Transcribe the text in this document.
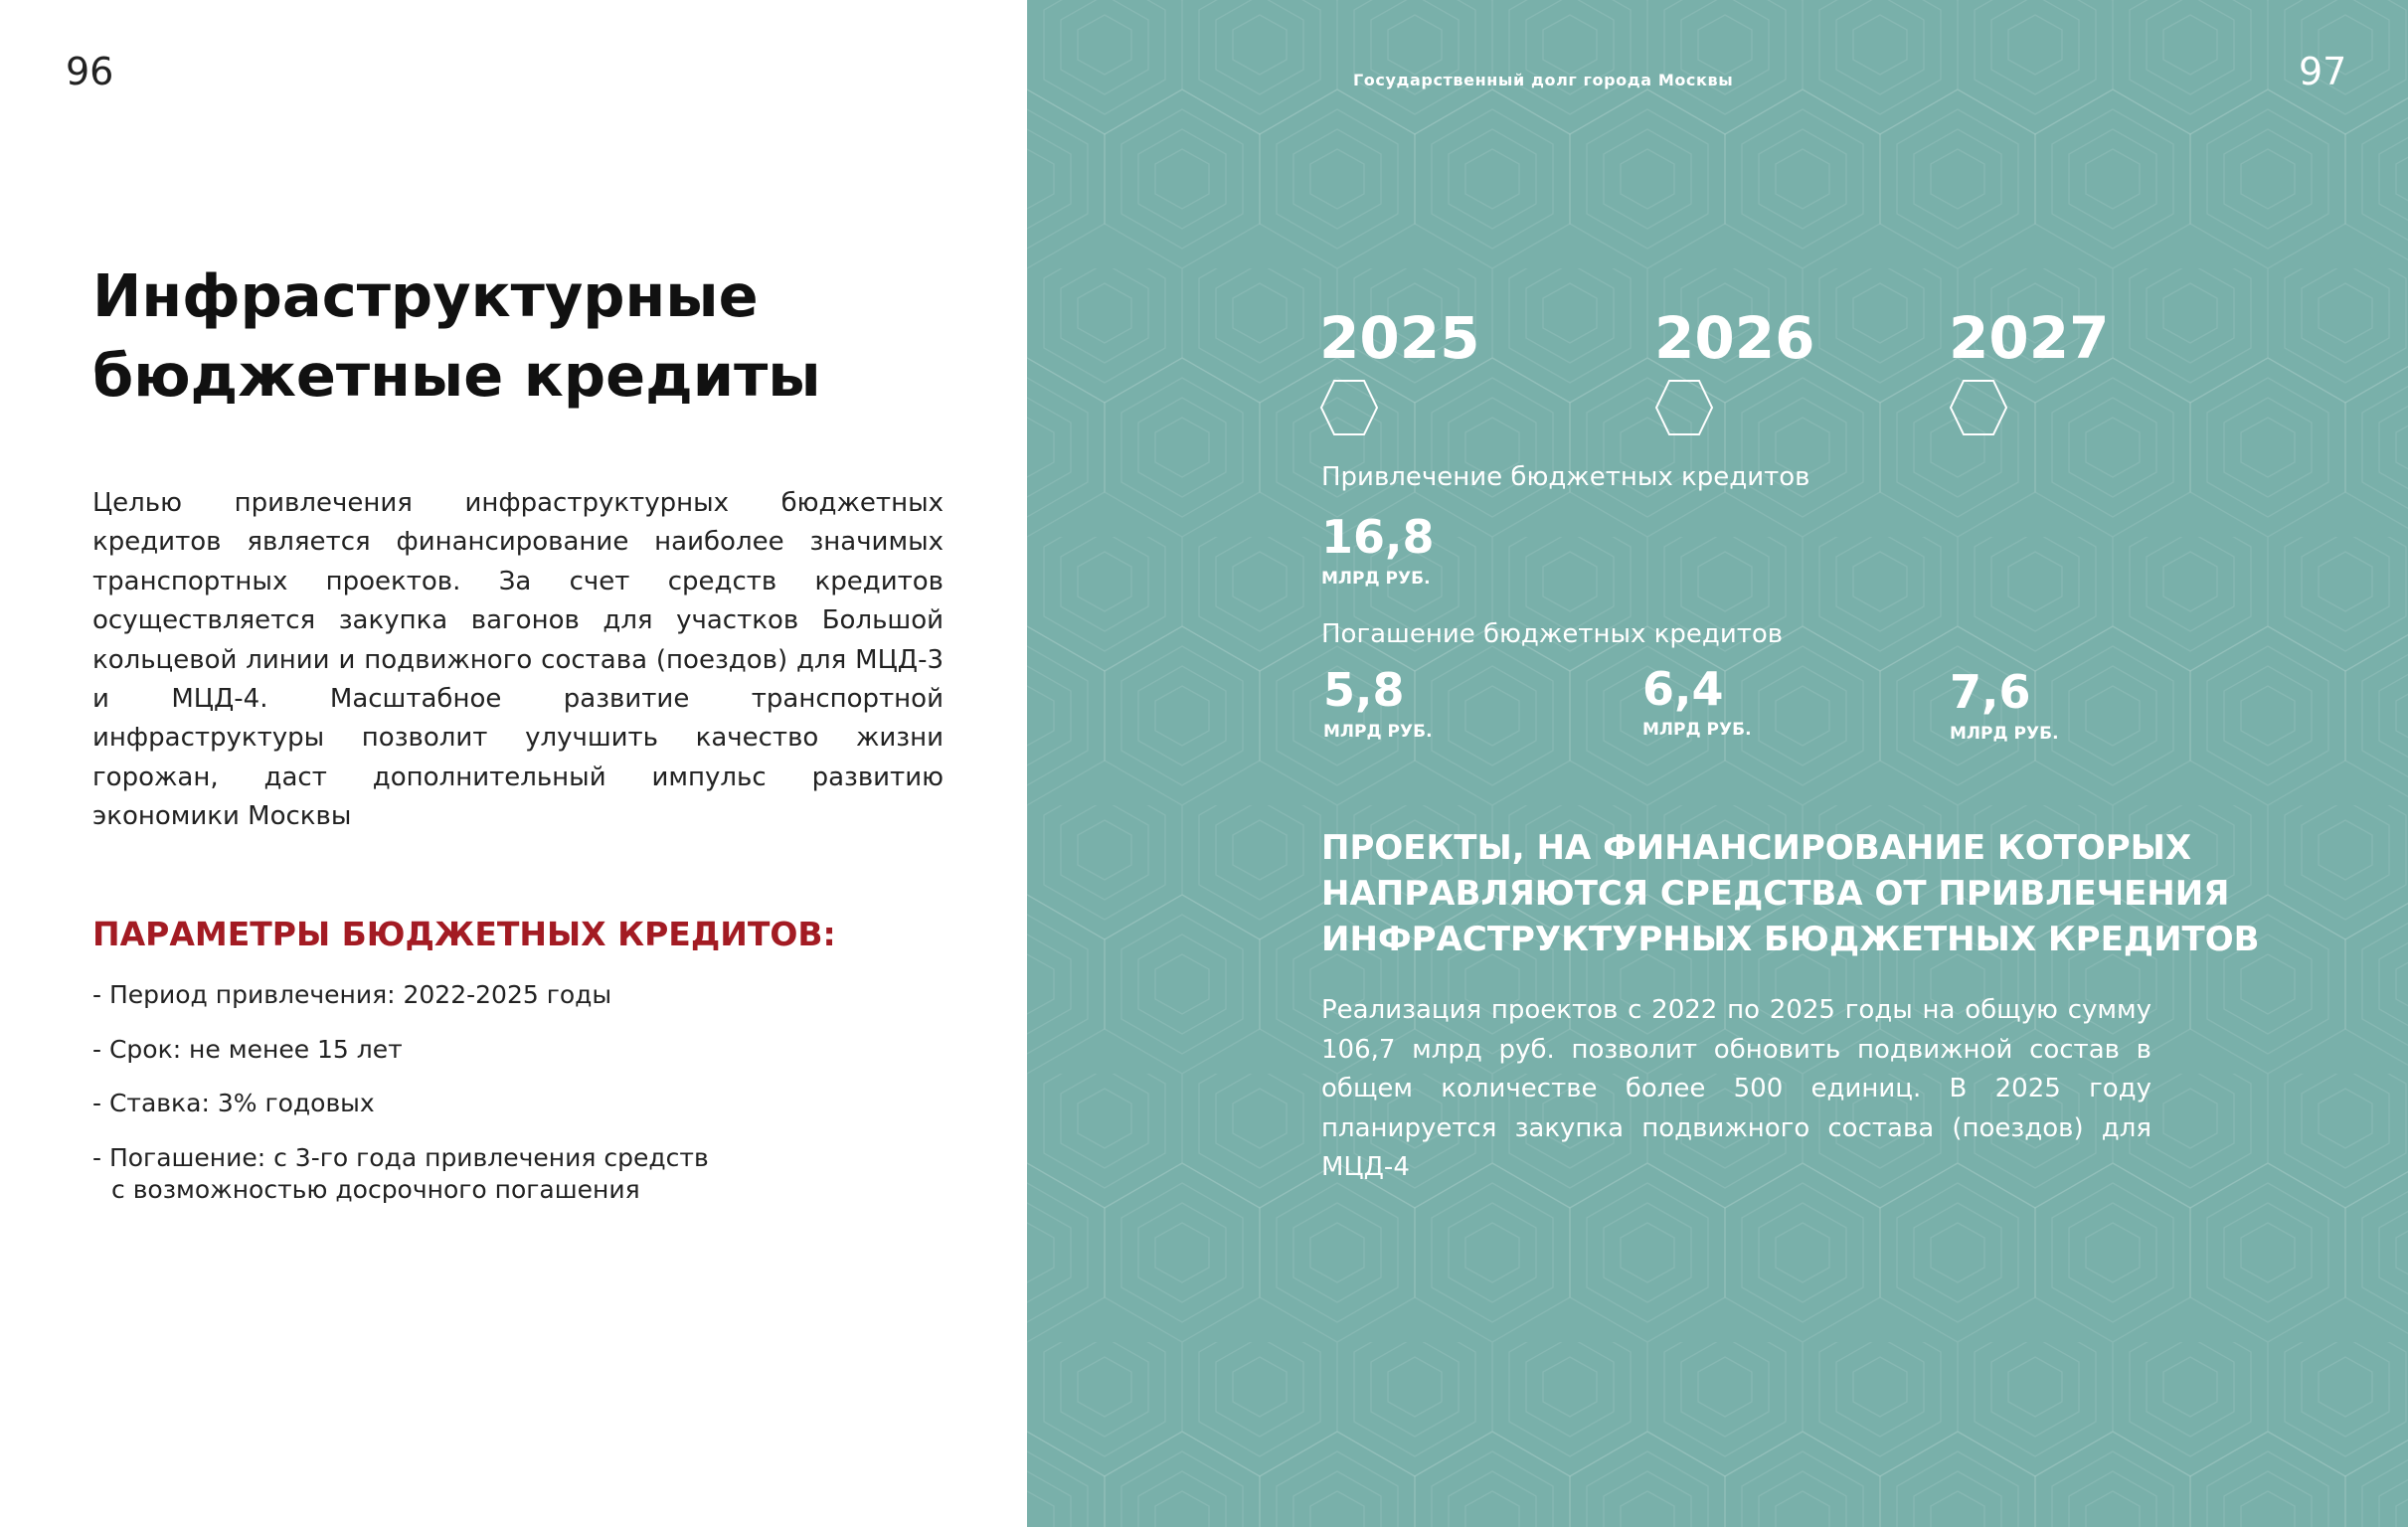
96	97
Государственный долг города Москвы
Инфраструктурные
бюджетные кредиты

Целью привлечения инфраструктурных бюджетных кредитов является финансирование наиболее значимых транспортных проектов. За счет средств кредитов осуществляется закупка вагонов для участков Большой кольцевой линии и подвижного состава (поездов) для МЦД-3 и МЦД-4. Масштабное развитие транспортной инфраструктуры позволит улучшить качество жизни горожан, даст дополнительный импульс развитию экономики Москвы

ПАРАМЕТРЫ БЮДЖЕТНЫХ КРЕДИТОВ:
- Период привлечения: 2022-2025 годы
- Срок: не менее 15 лет
- Ставка: 3% годовых
- Погашение: с 3-го года привлечения средств
с возможностью досрочного погашения
2025	2026 2027
Привлечение бюджетных кредитов
16,8
МЛРД РУБ.
Погашение бюджетных кредитов
5,8
МЛРД РУБ.
6,4
МЛРД РУБ.
7,6
МЛРД РУБ.
ПРОЕКТЫ, НА ФИНАНСИРОВАНИЕ КОТОРЫХ
НАПРАВЛЯЮТСЯ СРЕДСТВА ОТ ПРИВЛЕЧЕНИЯ
ИНФРАСТРУКТУРНЫХ БЮДЖЕТНЫХ КРЕДИТОВ

Реализация проектов с 2022 по 2025 годы на общую сумму 106,7 млрд руб. позволит обновить подвижной состав в общем количестве более 500 единиц. В 2025 году планируется закупка подвижного состава (поездов) для МЦД-4
